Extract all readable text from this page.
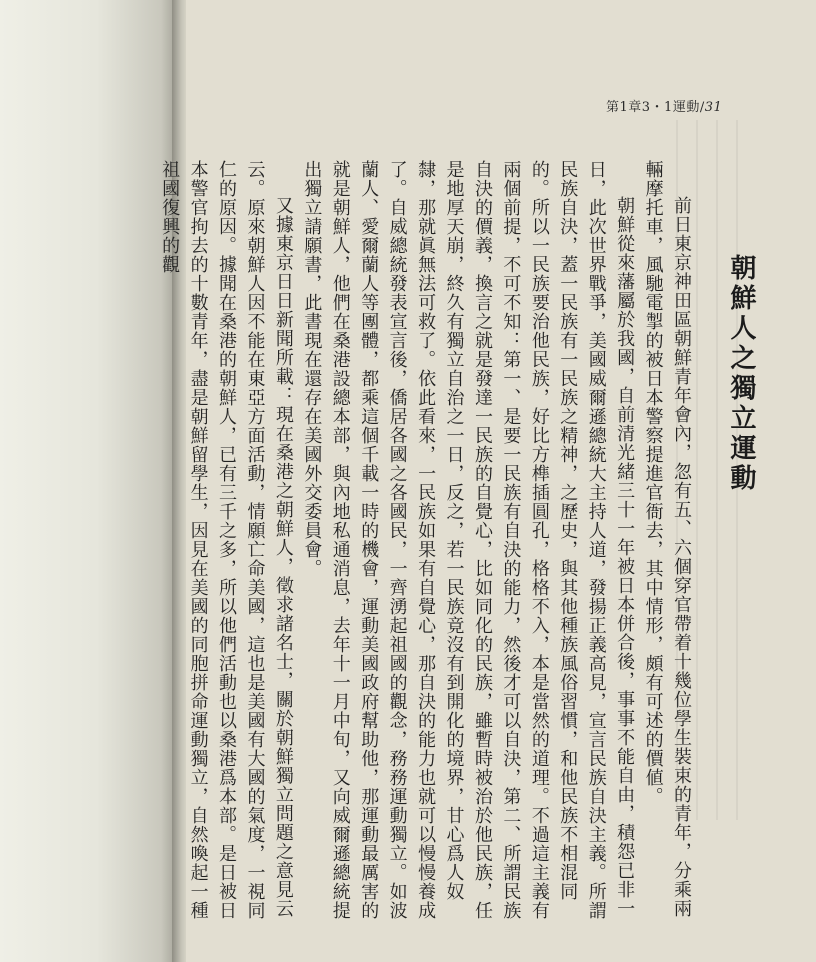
第1章3・1運動/31
朝鮮人之獨立運動

前日東京神田區朝鮮青年會內，忽有五、六個穿官帶着十幾位學生裝束的青年，分乘兩輛摩托車，風馳電掣的被日本警察提進官衙去，其中情形，頗有可述的價値。

朝鮮從來藩屬於我國，自前清光緒三十一年被日本併合後，事事不能自由，積怨已非一日，此次世界戰爭，美國威爾遜總統大主持人道，發揚正義高見，宣言民族自決主義。所謂民族自決，蓋一民族有一民族之精神，之歷史，與其他種族風俗習慣，和他民族不相混同的。所以一民族要治他民族，好比方榫插圓孔，格格不入，本是當然的道理。不過這主義有兩個前提，不可不知：第一、是要一民族有自決的能力，然後才可以自決，第二、所謂民族自決的價義，換言之就是發達一民族的自覺心，比如同化的民族，雖暫時被治於他民族，任是地厚天崩，終久有獨立自治之一日，反之，若一民族竟沒有到開化的境界，甘心爲人奴隸，那就眞無法可救了。依此看來，一民族如果有自覺心，那自決的能力也就可以慢慢養成了。自威總統發表宣言後，僑居各國之各國民，一齊湧起祖國的觀念，務務運動獨立。如波蘭人、愛爾蘭人等團體，都乘這個千載一時的機會，運動美國政府幫助他，那運動最厲害的就是朝鮮人，他們在桑港設總本部，與內地私通消息，去年十一月中旬，又向威爾遜總統提出獨立請願書，此書現在還存在美國外交委員會。

又據東京日日新聞所載：現在桑港之朝鮮人，徵求諸名士，關於朝鮮獨立問題之意見云云。原來朝鮮人因不能在東亞方面活動，情願亡命美國，這也是美國有大國的氣度，一視同仁的原因。據聞在桑港的朝鮮人，已有三千之多，所以他們活動也以桑港爲本部。是日被日本警官拘去的十數青年，盡是朝鮮留學生，因見在美國的同胞拼命運動獨立，自然喚起一種祖國復興的觀
